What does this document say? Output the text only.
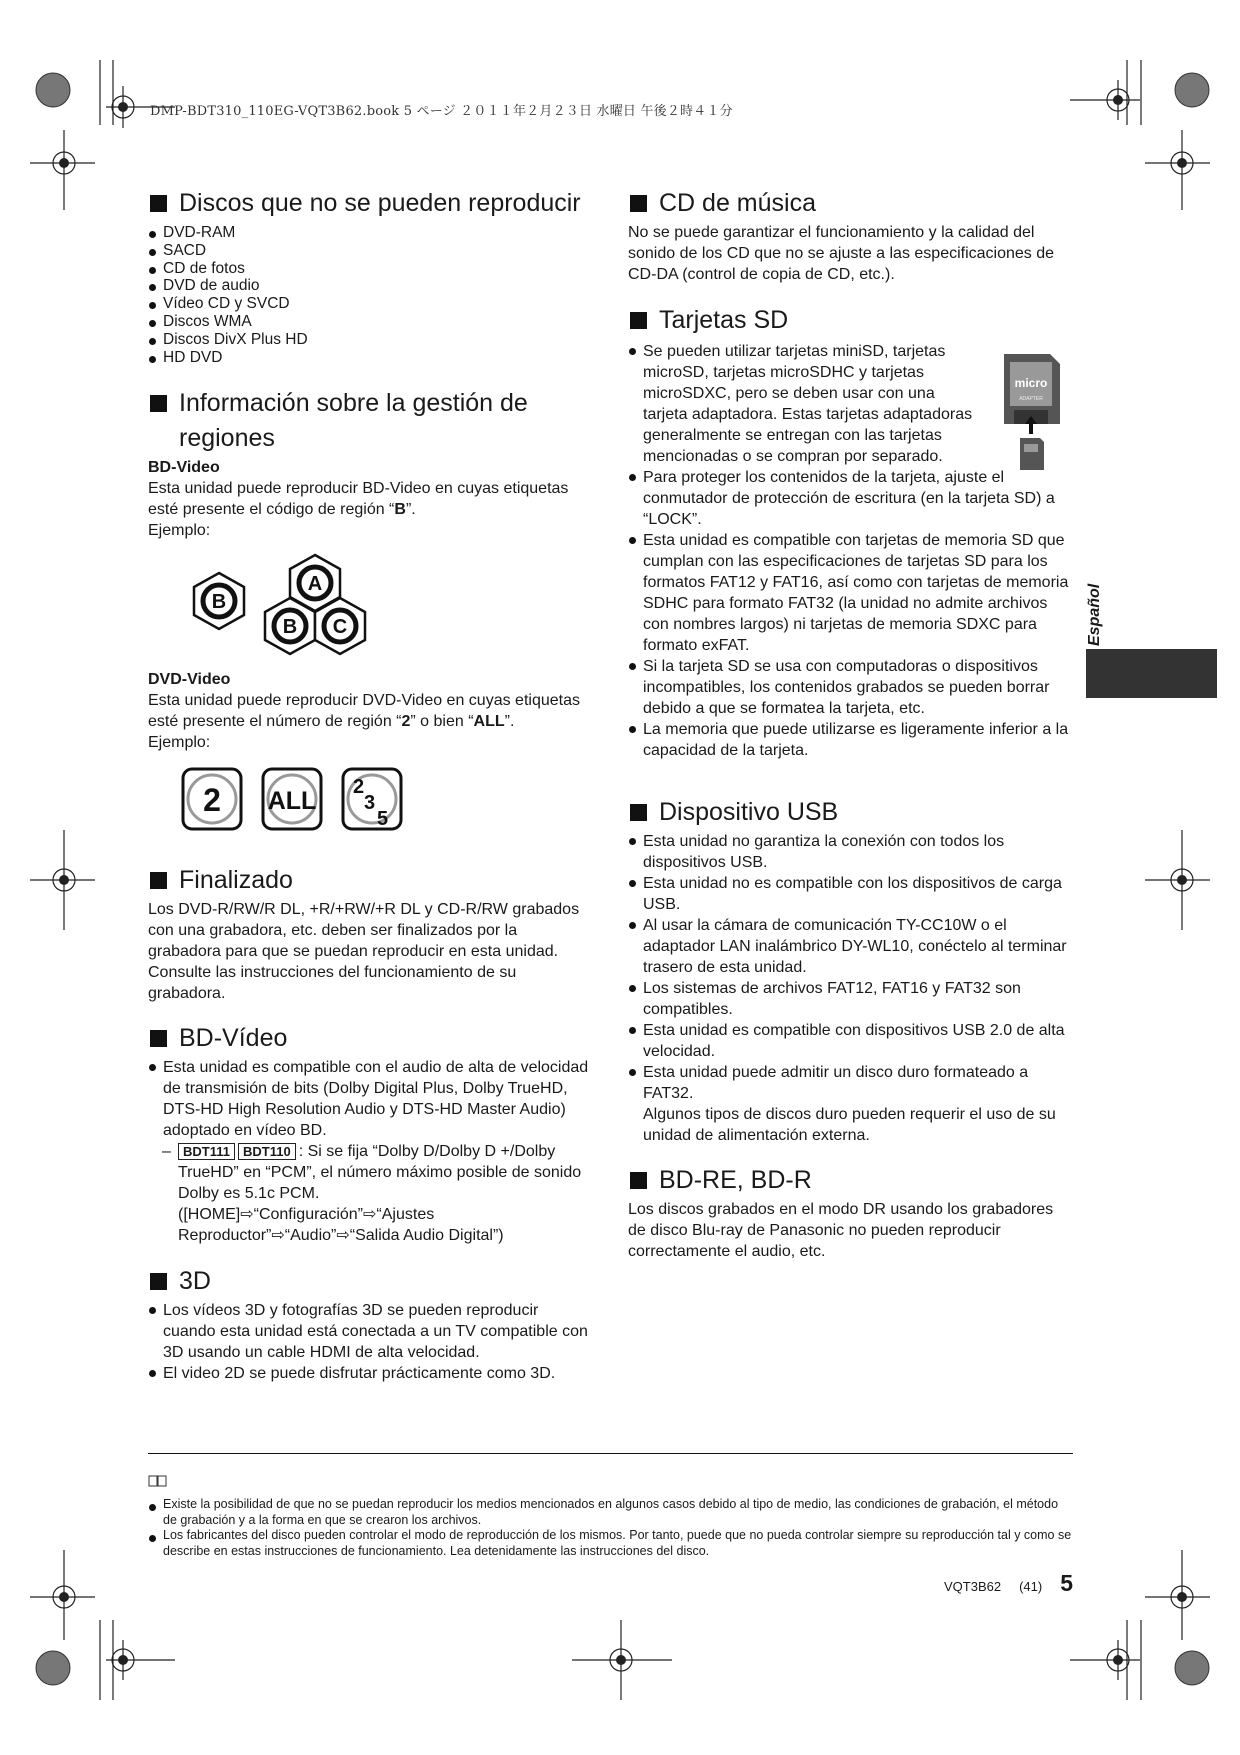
DMP-BDT310_110EG-VQT3B62.book 5 ページ ２０１１年２月２３日 水曜日 午後２時４１分
Discos que no se pueden reproducir
DVD-RAM
SACD
CD de fotos
DVD de audio
Vídeo CD y SVCD
Discos WMA
Discos DivX Plus HD
HD DVD
Información sobre la gestión de regiones
BD-Video
Esta unidad puede reproducir BD-Video en cuyas etiquetas esté presente el código de región “B”.
Ejemplo:
B
A
B C
DVD-Video
Esta unidad puede reproducir DVD-Video en cuyas etiquetas esté presente el número de región “2” o bien “ALL”.
Ejemplo:
2 ALL 2
3
5
Finalizado
Los DVD-R/RW/R DL, +R/+RW/+R DL y CD-R/RW grabados con una grabadora, etc. deben ser finalizados por la grabadora para que se puedan reproducir en esta unidad. Consulte las instrucciones del funcionamiento de su grabadora.
BD-Vídeo
Esta unidad es compatible con el audio de alta de velocidad de transmisión de bits (Dolby Digital Plus, Dolby TrueHD, DTS-HD High Resolution Audio y DTS-HD Master Audio) adoptado en vídeo BD.
– BDT111 BDT110 : Si se fija “Dolby D/Dolby D +/Dolby TrueHD” en “PCM”, el número máximo posible de sonido Dolby es 5.1c PCM.
([HOME]⇨“Configuración”⇨“Ajustes Reproductor”⇨“Audio”⇨“Salida Audio Digital”)
3D
Los vídeos 3D y fotografías 3D se pueden reproducir cuando esta unidad está conectada a un TV compatible con 3D usando un cable HDMI de alta velocidad.
El video 2D se puede disfrutar prácticamente como 3D.
CD de música
No se puede garantizar el funcionamiento y la calidad del sonido de los CD que no se ajuste a las especificaciones de CD-DA (control de copia de CD, etc.).
Tarjetas SD
Se pueden utilizar tarjetas miniSD, tarjetas microSD, tarjetas microSDHC y tarjetas microSDXC, pero se deben usar con una tarjeta adaptadora. Estas tarjetas adaptadoras generalmente se entregan con las tarjetas mencionadas o se compran por separado.
Para proteger los contenidos de la tarjeta, ajuste el conmutador de protección de escritura (en la tarjeta SD) a “LOCK”.
Esta unidad es compatible con tarjetas de memoria SD que cumplan con las especificaciones de tarjetas SD para los formatos FAT12 y FAT16, así como con tarjetas de memoria SDHC para formato FAT32 (la unidad no admite archivos con nombres largos) ni tarjetas de memoria SDXC para formato exFAT.
Si la tarjeta SD se usa con computadoras o dispositivos incompatibles, los contenidos grabados se pueden borrar debido a que se formatea la tarjeta, etc.
La memoria que puede utilizarse es ligeramente inferior a la capacidad de la tarjeta.
micro
ADAPTER
Dispositivo USB
Esta unidad no garantiza la conexión con todos los dispositivos USB.
Esta unidad no es compatible con los dispositivos de carga USB.
Al usar la cámara de comunicación TY-CC10W o el adaptador LAN inalámbrico DY-WL10, conéctelo al terminar trasero de esta unidad.
Los sistemas de archivos FAT12, FAT16 y FAT32 son compatibles.
Esta unidad es compatible con dispositivos USB 2.0 de alta velocidad.
Esta unidad puede admitir un disco duro formateado a FAT32.
Algunos tipos de discos duro pueden requerir el uso de su unidad de alimentación externa.
BD-RE, BD-R
Los discos grabados en el modo DR usando los grabadores de disco Blu-ray de Panasonic no pueden reproducir correctamente el audio, etc.
Español
Existe la posibilidad de que no se puedan reproducir los medios mencionados en algunos casos debido al tipo de medio, las condiciones de grabación, el método de grabación y a la forma en que se crearon los archivos.
Los fabricantes del disco pueden controlar el modo de reproducción de los mismos. Por tanto, puede que no pueda controlar siempre su reproducción tal y como se describe en estas instrucciones de funcionamiento. Lea detenidamente las instrucciones del disco.
VQT3B62 (41) 5
